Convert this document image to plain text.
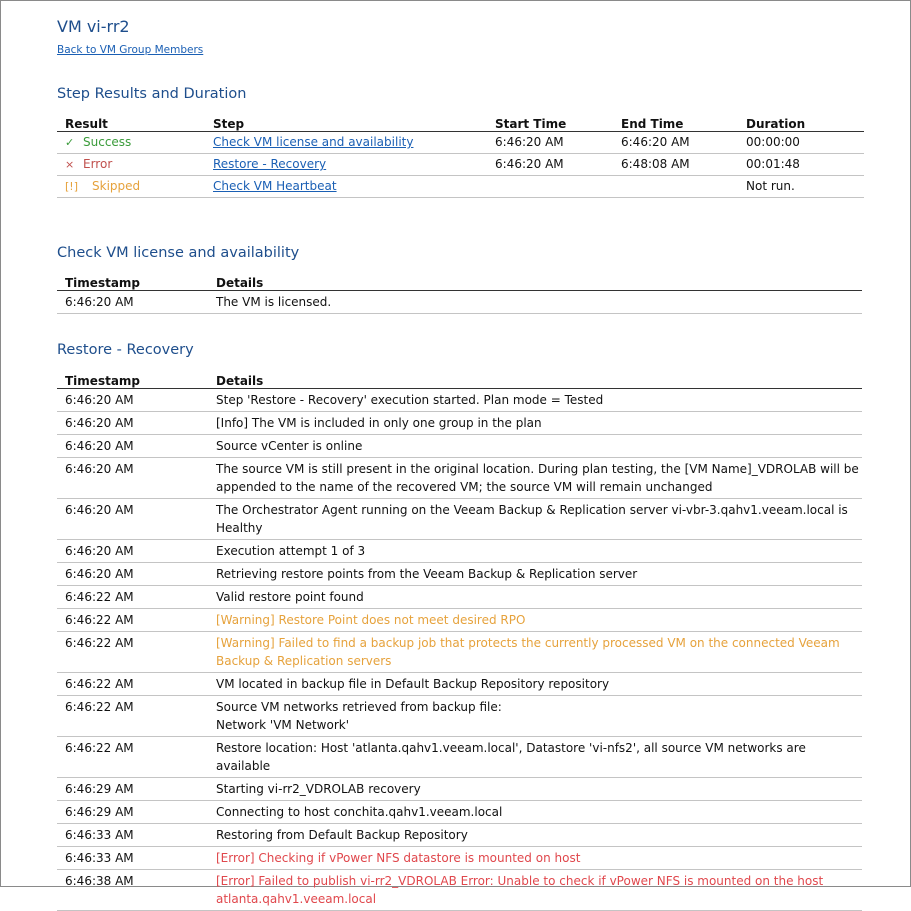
VM vi-rr2
Back to VM Group Members
Step Results and Duration
Result	Step	Start Time	End Time	Duration
✓ Success	Check VM license and availability	6:46:20 AM	6:46:20 AM	00:00:00
× Error	Restore - Recovery	6:46:20 AM	6:48:08 AM	00:01:48
[!] Skipped	Check VM Heartbeat			Not run.
Check VM license and availability
Timestamp	Details
6:46:20 AM	The VM is licensed.
Restore - Recovery
Timestamp	Details
6:46:20 AM	Step 'Restore - Recovery' execution started. Plan mode = Tested
6:46:20 AM	[Info] The VM is included in only one group in the plan
6:46:20 AM	Source vCenter is online
6:46:20 AM	The source VM is still present in the original location. During plan testing, the [VM Name]_VDROLAB will be appended to the name of the recovered VM; the source VM will remain unchanged
6:46:20 AM	The Orchestrator Agent running on the Veeam Backup & Replication server vi-vbr-3.qahv1.veeam.local is Healthy
6:46:20 AM	Execution attempt 1 of 3
6:46:20 AM	Retrieving restore points from the Veeam Backup & Replication server
6:46:22 AM	Valid restore point found
6:46:22 AM	[Warning] Restore Point does not meet desired RPO
6:46:22 AM	[Warning] Failed to find a backup job that protects the currently processed VM on the connected Veeam Backup & Replication servers
6:46:22 AM	VM located in backup file in Default Backup Repository repository
6:46:22 AM	Source VM networks retrieved from backup file:
Network 'VM Network'
6:46:22 AM	Restore location: Host 'atlanta.qahv1.veeam.local', Datastore 'vi-nfs2', all source VM networks are available
6:46:29 AM	Starting vi-rr2_VDROLAB recovery
6:46:29 AM	Connecting to host conchita.qahv1.veeam.local
6:46:33 AM	Restoring from Default Backup Repository
6:46:33 AM	[Error] Checking if vPower NFS datastore is mounted on host
6:46:38 AM	[Error] Failed to publish vi-rr2_VDROLAB Error: Unable to check if vPower NFS is mounted on the host atlanta.qahv1.veeam.local
